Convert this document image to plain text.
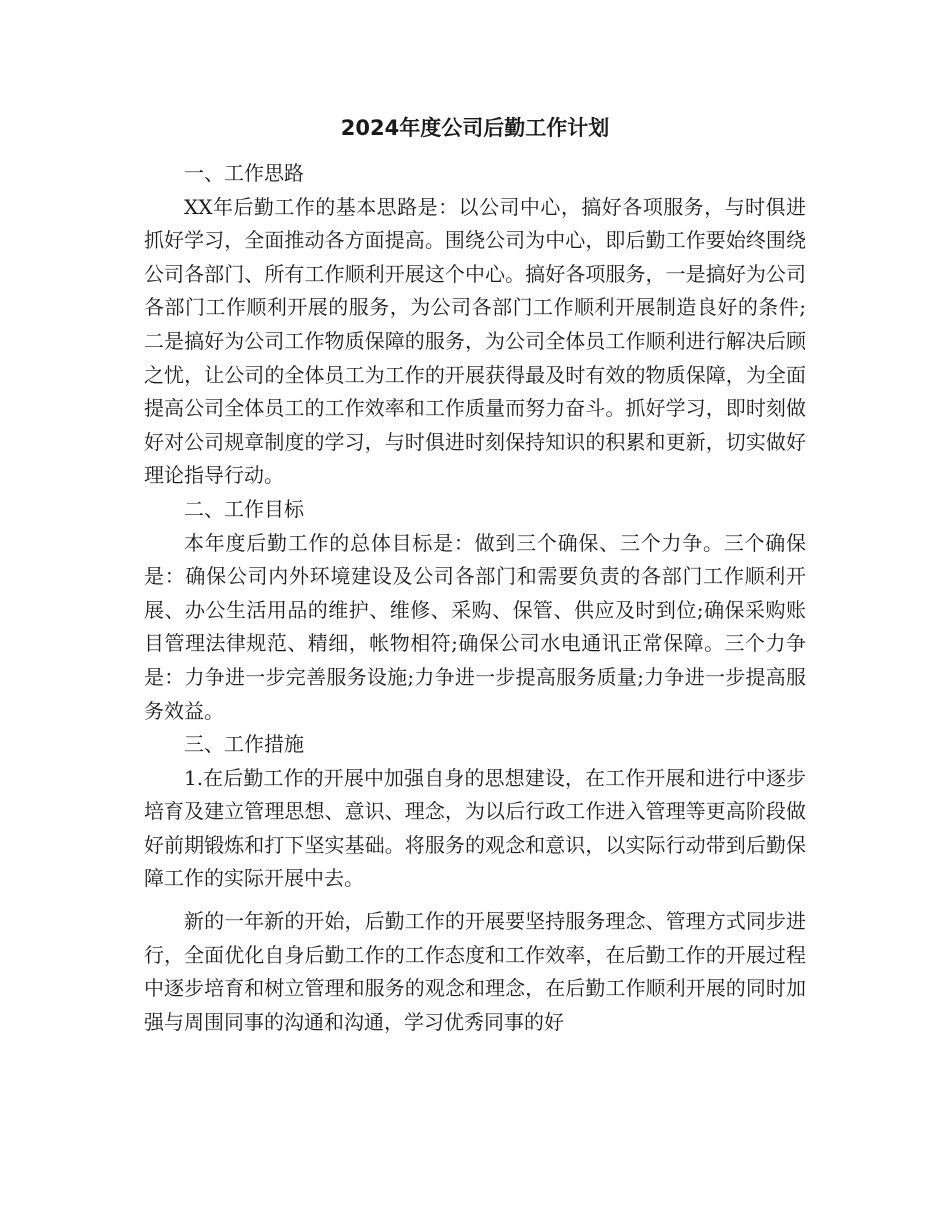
2024年度公司后勤工作计划

一、工作思路

XX年后勤工作的基本思路是：以公司中心，搞好各项服务，与时俱进抓好学习，全面推动各方面提高。围绕公司为中心，即后勤工作要始终围绕公司各部门、所有工作顺利开展这个中心。搞好各项服务，一是搞好为公司各部门工作顺利开展的服务，为公司各部门工作顺利开展制造良好的条件;二是搞好为公司工作物质保障的服务，为公司全体员工作顺利进行解决后顾之忧，让公司的全体员工为工作的开展获得最及时有效的物质保障，为全面提高公司全体员工的工作效率和工作质量而努力奋斗。抓好学习，即时刻做好对公司规章制度的学习，与时俱进时刻保持知识的积累和更新，切实做好理论指导行动。

二、工作目标

本年度后勤工作的总体目标是：做到三个确保、三个力争。三个确保是：确保公司内外环境建设及公司各部门和需要负责的各部门工作顺利开展、办公生活用品的维护、维修、采购、保管、供应及时到位;确保采购账目管理法律规范、精细，帐物相符;确保公司水电通讯正常保障。三个力争是：力争进一步完善服务设施;力争进一步提高服务质量;力争进一步提高服务效益。

三、工作措施

1.在后勤工作的开展中加强自身的思想建设，在工作开展和进行中逐步培育及建立管理思想、意识、理念，为以后行政工作进入管理等更高阶段做好前期锻炼和打下坚实基础。将服务的观念和意识，以实际行动带到后勤保障工作的实际开展中去。

新的一年新的开始，后勤工作的开展要坚持服务理念、管理方式同步进行，全面优化自身后勤工作的工作态度和工作效率，在后勤工作的开展过程中逐步培育和树立管理和服务的观念和理念，在后勤工作顺利开展的同时加强与周围同事的沟通和沟通，学习优秀同事的好
